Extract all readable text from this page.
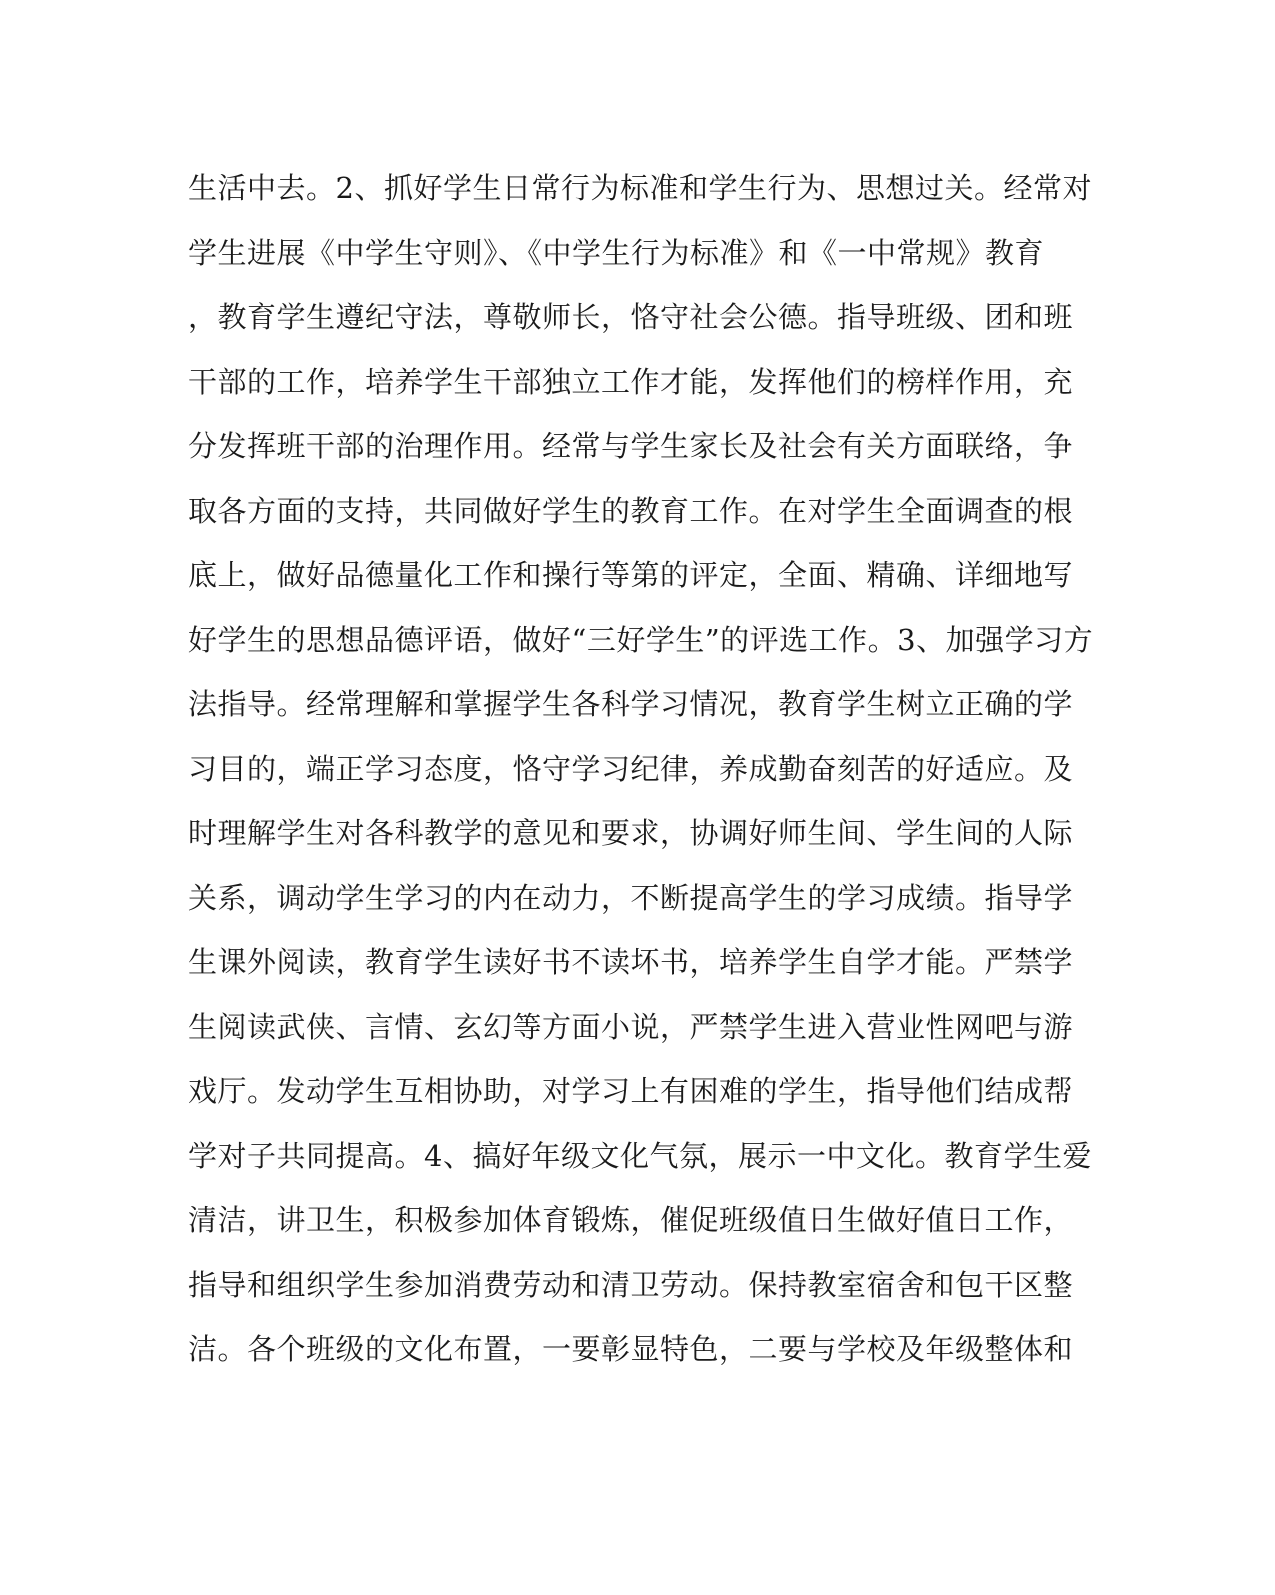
生活中去。2、抓好学生日常行为标准和学生行为、思想过关。经常对
学生进展《中学生守则》、《中学生行为标准》和《一中常规》教育
，教育学生遵纪守法，尊敬师长，恪守社会公德。指导班级、团和班
干部的工作，培养学生干部独立工作才能，发挥他们的榜样作用，充
分发挥班干部的治理作用。经常与学生家长及社会有关方面联络，争
取各方面的支持，共同做好学生的教育工作。在对学生全面调查的根
底上，做好品德量化工作和操行等第的评定，全面、精确、详细地写
好学生的思想品德评语，做好“三好学生”的评选工作。3、加强学习方
法指导。经常理解和掌握学生各科学习情况，教育学生树立正确的学
习目的，端正学习态度，恪守学习纪律，养成勤奋刻苦的好适应。及
时理解学生对各科教学的意见和要求，协调好师生间、学生间的人际
关系，调动学生学习的内在动力，不断提高学生的学习成绩。指导学
生课外阅读，教育学生读好书不读坏书，培养学生自学才能。严禁学
生阅读武侠、言情、玄幻等方面小说，严禁学生进入营业性网吧与游
戏厅。发动学生互相协助，对学习上有困难的学生，指导他们结成帮
学对子共同提高。4、搞好年级文化气氛，展示一中文化。教育学生爱
清洁，讲卫生，积极参加体育锻炼，催促班级值日生做好值日工作，
指导和组织学生参加消费劳动和清卫劳动。保持教室宿舍和包干区整
洁。各个班级的文化布置，一要彰显特色，二要与学校及年级整体和
